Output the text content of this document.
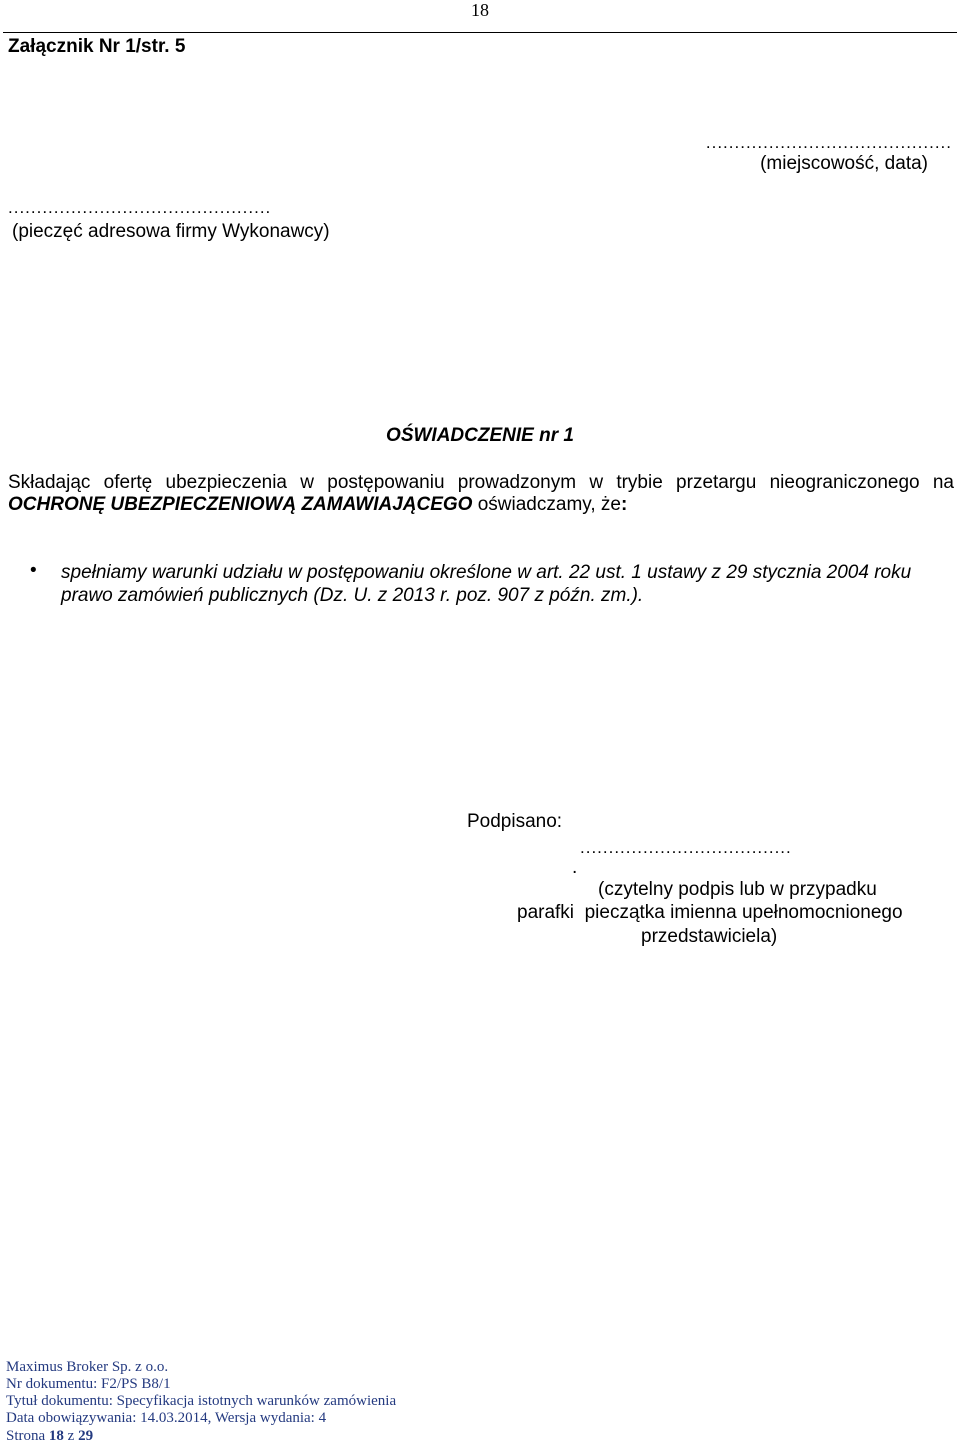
18
Załącznik Nr 1/str. 5
...........................................
(miejscowość, data)
..............................................
(pieczęć adresowa firmy Wykonawcy)
OŚWIADCZENIE nr 1
Składając ofertę ubezpieczenia w postępowaniu prowadzonym w trybie przetargu nieograniczonego na
OCHRONĘ UBEZPIECZENIOWĄ ZAMAWIAJĄCEGO oświadczamy, że:
• spełniamy warunki udziału w postępowaniu określone w art. 22 ust. 1 ustawy z 29 stycznia 2004 roku
prawo zamówień publicznych (Dz. U. z 2013 r. poz. 907 z późn. zm.).
Podpisano:
.....................................
.
(czytelny podpis lub w przypadku
parafki  pieczątka imienna upełnomocnionego
przedstawiciela)
Maximus Broker Sp. z o.o.
Nr dokumentu: F2/PS B8/1
Tytuł dokumentu: Specyfikacja istotnych warunków zamówienia
Data obowiązywania: 14.03.2014, Wersja wydania: 4
Strona 18 z 29
